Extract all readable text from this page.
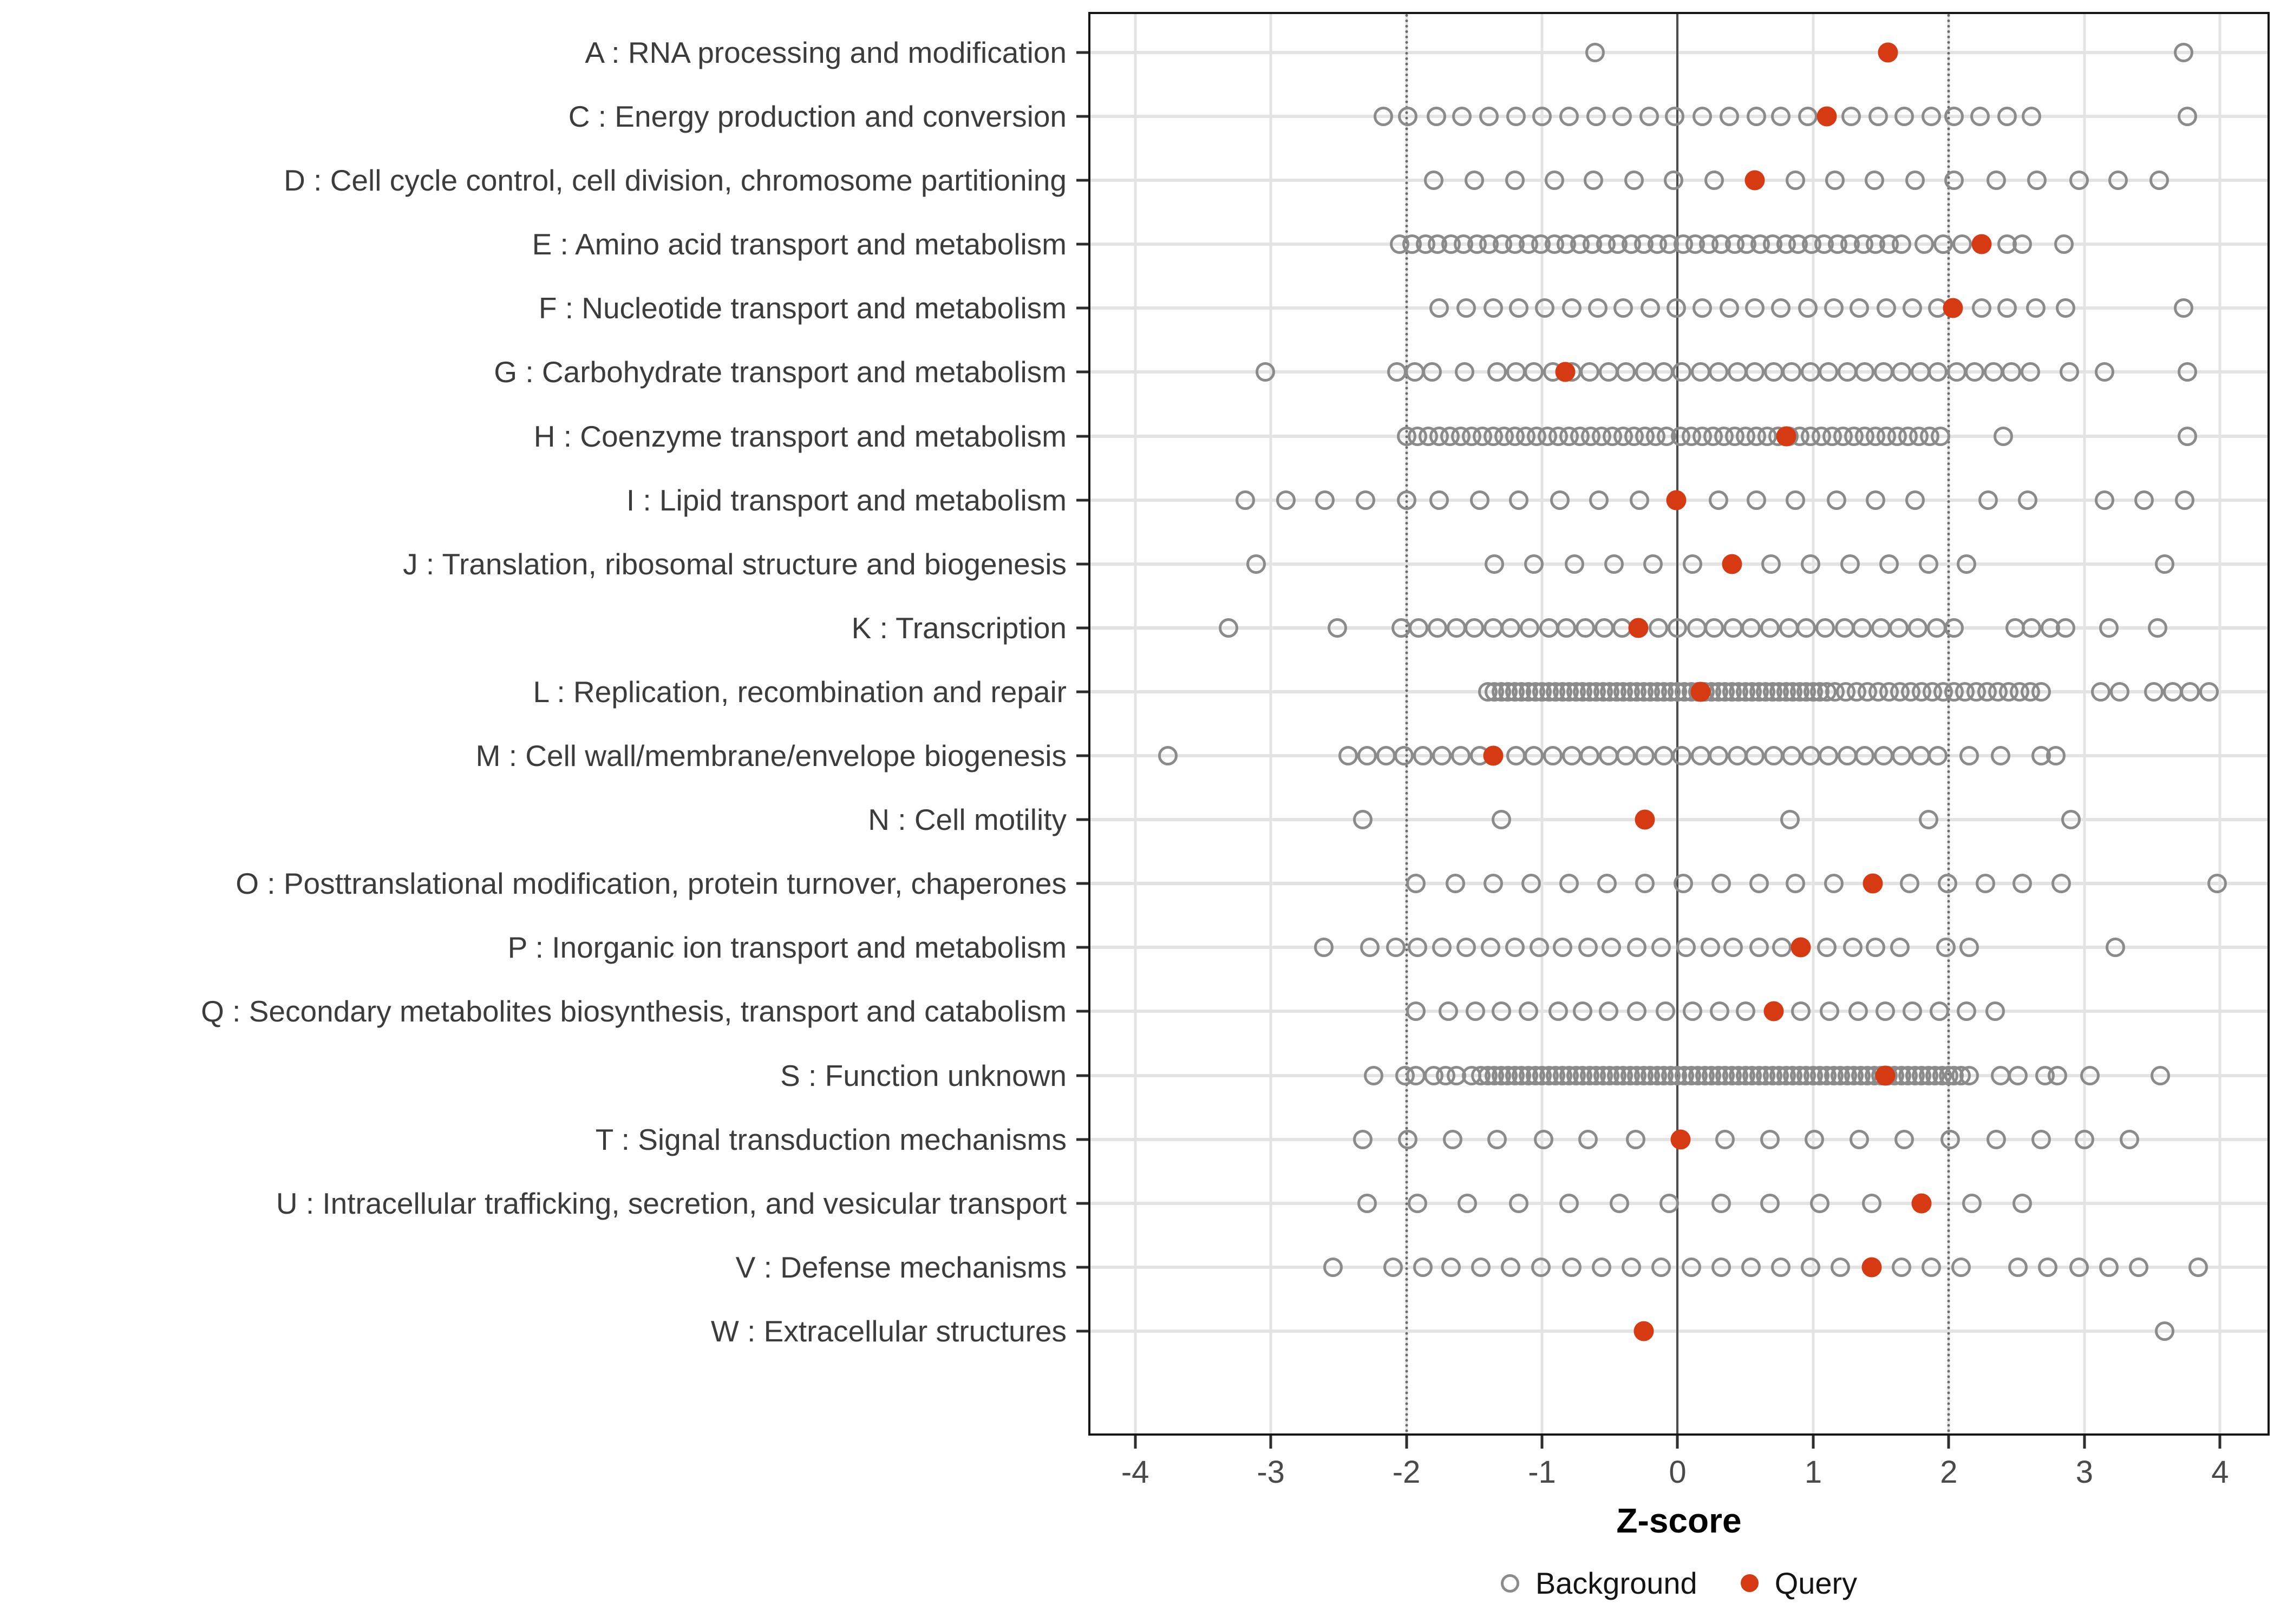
A : RNA processing and modification
C : Energy production and conversion
D : Cell cycle control, cell division, chromosome partitioning
E : Amino acid transport and metabolism
F : Nucleotide transport and metabolism
G : Carbohydrate transport and metabolism
H : Coenzyme transport and metabolism
I : Lipid transport and metabolism
J : Translation, ribosomal structure and biogenesis
K : Transcription
L : Replication, recombination and repair
M : Cell wall/membrane/envelope biogenesis
N : Cell motility
O : Posttranslational modification, protein turnover, chaperones
P : Inorganic ion transport and metabolism
Q : Secondary metabolites biosynthesis, transport and catabolism
S : Function unknown
T : Signal transduction mechanisms
U : Intracellular trafficking, secretion, and vesicular transport
V : Defense mechanisms
W : Extracellular structures
-4	-3	-2	-1	0	1	2	3	4
Z-score
Background	Query
